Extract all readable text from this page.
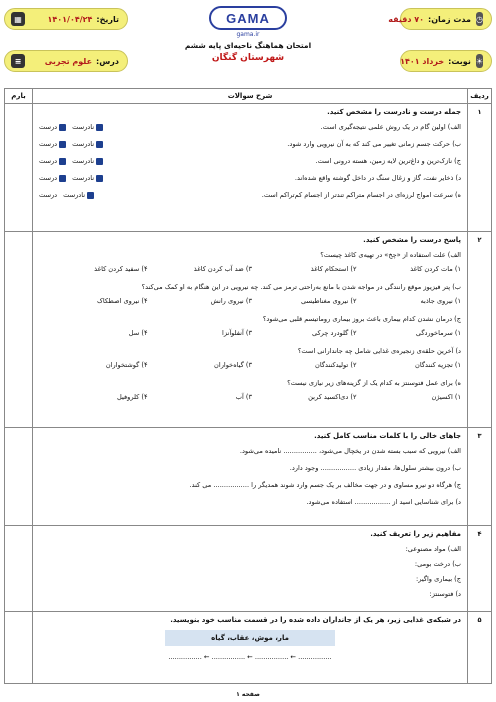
◷
مدت زمان:
۷۰ دقیقه
تاریخ:
۱۴۰۱/۰۴/۲۴
▦
☀
نوبت:
خرداد ۱۴۰۱
درس:
علوم تجربی
≡
GAMA
gama.ir
امتحان هماهنگ ناحیه‌ای پایه ششم
شهرستان گنگان
ردیف
شرح سوالات
بارم
۱
جمله درست و نادرست را مشخص کنید.
الف) اولین گام در یک روش علمی نتیجه‌گیری است.
نادرست
درست
ب) حرکت جسم زمانی تغییر می کند که به آن نیرویی وارد شود.
نادرست
درست
ج) نازک‌ترین و داغ‌ترین لایه زمین، هسته درونی است.
نادرست
درست
د) ذخایر نفت، گاز و زغال سنگ در داخل گوشته واقع شده‌اند.
نادرست
درست
ه) سرعت امواج لرزه‌ای در اجسام متراکم تندتر از اجسام کم‌تراکم است.
نادرست
درست
۲
پاسخ درست را مشخص کنید.
الف) علت استفاده از «چخ» در تهیه‌ی کاغذ چیست؟
۱) مات کردن کاغذ
۲) استحکام کاغذ
۳) ضد آب کردن کاغذ
۴) سفید کردن کاغذ
ب) پتر فیزیوز موقع رانندگی در مواجه شدن با مانع به‌راحتی ترمز می کند. چه نیرویی در این هنگام به او کمک می‌کند؟
۱) نیروی جاذبه
۲) نیروی مغناطیسی
۳) نیروی رانش
۴) نیروی اصطکاک
ج) درمان نشدن کدام بیماری باعث بروز بیماری روماتیسم قلبی می‌شود؟
۱) سرماخوردگی
۲) گلودرد چرکی
۳) آنفلوآنزا
۴) سل
د) آخرین حلقه‌ی زنجیره‌ی غذایی شامل چه جاندارانی است؟
۱) تجزیه کنندگان
۲) تولیدکنندگان
۳) گیاه‌خواران
۴) گوشتخواران
ه) برای عمل فتوسنتز به کدام یک از گزینه‌های زیر نیازی نیست؟
۱) اکسیژن
۲) دی‌اکسید کربن
۳) آب
۴) کلروفیل
۳
جاهای خالی را با کلمات مناسب کامل کنید.
الف) نیرویی که سبب بسته شدن در یخچال می‌شود، ................ نامیده می‌شود.
ب) درون بیشتر سلول‌ها، مقدار زیادی ................. وجود دارد.
ج) هرگاه دو نیرو مساوی و در جهت مخالف بر یک جسم وارد شوند همدیگر را ................. می کند.
د) برای شناسایی اسید از ................. استفاده می‌شود.
۴
مفاهیم زیر را تعریف کنید.
الف) مواد مصنوعی:
ب) درخت بومی:
ج) بیماری واگیر:
د) فتوسنتز:
۵
در شبکه‌ی غذایی زیر، هر یک از جانداران داده شده را در قسمت مناسب خود بنویسید.
مار، موش، عقاب، گیاه
................ ← ................ ← ................ ← ................
صفحه ۱
